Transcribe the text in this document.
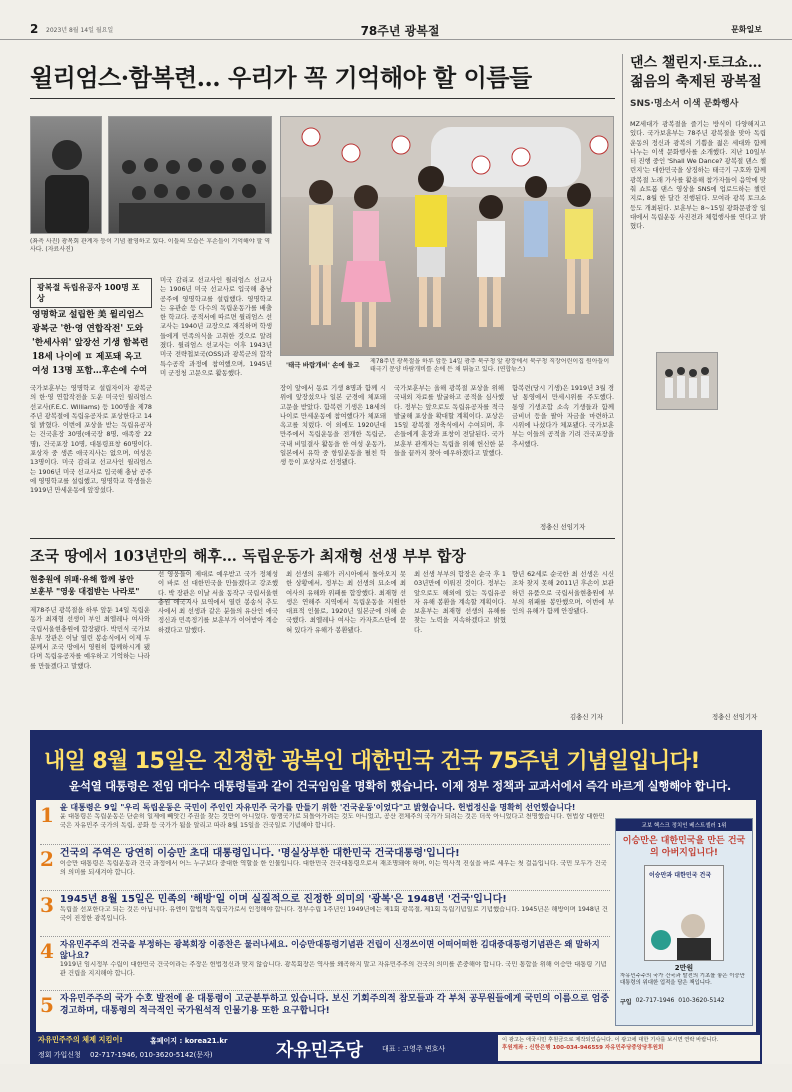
2 2023년 8월 14일 월요일	78주년 광복절	문화일보
윌리엄스·함복련… 우리가 꼭 기억해야 할 이름들
(좌측 사진) 광복회 관계자 등이 기념 촬영하고 있다. 이들의 모습은 후손들이 기억해야 할 역사다. (자료사진)
광복절 독립유공자 100명 포상
영명학교 설립한 美 윌리엄스
광복군 '한·영 연합작전' 도와
'한세사위' 앞장선 기생 함복련
18세 나이에 ㅍ 제포돼 옥고
여성 13명 포함…후손에 수여
국가보훈부는 영명학교 설립자이자 광복군의 한·영 연합작전을 도운 미국인 윌리엄스 선교사(F.E.C. Williams) 등 100명을 제78주년 광복절에 독립유공자로 포상한다고 14일 밝혔다. 이번에 포상을 받는 독립유공자는 건국훈장 30명(애국장 8명, 애족장 22명), 건국포장 10명, 대통령표창 60명이다. 포상자 중 생존 애국지사는 없으며, 여성은 13명이다. 미국 감리교 선교사인 윌리엄스는 1906년 미국 선교사로 입국해 충남 공주에 영명학교를 설립했고, 영명학교 학생들은 1919년 만세운동에 앞장섰다.
미국 감리교 선교사인 윌리엄스 선교사는 1906년 미국 선교사로 입국해 충남 공주에 영명학교를 설립했다. 영명학교는 유관순 등 다수의 독립운동가를 배출한 학교다. 공적서에 따르면 윌리엄스 선교사는 1940년 교장으로 재직하며 학생들에게 민족의식을 고취한 것으로 알려졌다. 윌리엄스 선교사는 이후 1943년 미국 전략첩보국(OSS)과 광복군의 합작 특수공작 과정에 참여했으며, 1945년 미 군정청 고문으로 활동했다.
'태극 바람개비' 손에 들고 제78주년 광복절을 하루 앞둔 14일 광주 북구청 앞 광장에서 북구청 직장어린이집 원아들이 태극기 문양 바람개비를 손에 든 채 뛰놀고 있다. (연합뉴스)
장이 앞에서 동료 기생 8명과 함께 시위에 앞장섰으나 일본 군경에 체포돼 고문을 받았다. 함복련 기생은 18세의 나이로 만세운동에 참여했다가 체포돼 옥고를 치렀다. 이 외에도 1920년대 만주에서 독립운동을 전개한 독립군, 국내 비밀결사 활동을 한 여성 운동가, 일본에서 유학 중 항일운동을 펼친 학생 등이 포상자로 선정됐다.
국가보훈부는 올해 광복절 포상을 위해 국내외 자료를 발굴하고 공적을 심사했다. 정부는 앞으로도 독립유공자를 적극 발굴해 포상을 확대할 계획이다. 포상은 15일 광복절 경축식에서 수여되며, 후손들에게 훈장과 표창이 전달된다. 국가보훈부 관계자는 독립을 위해 헌신한 분들을 끝까지 찾아 예우하겠다고 말했다.
함복련(당시 기생)은 1919년 3월 경남 통영에서 만세시위를 주도했다. 통영 기생조합 소속 기생들과 함께 금비녀 등을 팔아 자금을 마련하고 시위에 나섰다가 체포됐다. 국가보훈부는 이들의 공적을 기려 건국포장을 추서했다.
정충신 선임기자
댄스 챌린지·토크쇼… 젊음의 축제된 광복절
SNS·명소서 이색 문화행사
MZ세대가 광복절을 즐기는 방식이 다양해지고 있다. 국가보훈부는 78주년 광복절을 맞아 독립운동의 정신과 광복의 기쁨을 젊은 세대와 함께 나누는 이색 문화행사를 소개했다. 지난 10일부터 진행 중인 'Shall We Dance? 광복절 댄스 챌린지'는 대한민국을 상징하는 태극기 구호와 함께 광복절 노래 가사를 활용해 참가자들이 음악에 맞춰 쇼트폼 댄스 영상을 SNS에 업로드하는 챌린지로, 8월 한 달간 진행된다. 모여라 광복 토크쇼 등도 개최된다. 보훈부는 8~15일 광화문광장 일대에서 독립운동 사진전과 체험행사를 연다고 밝혔다.
정충신 선임기자
조국 땅에서 103년만의 해후… 독립운동가 최재형 선생 부부 합장
현충원에 위패·유해 합께 봉안
보훈부 "영웅 대접받는 나라로"
제78주년 광복절을 하루 앞둔 14일 독립운동가 최재형 선생이 부인 최엘레나 여사와 국립서울현충원에 합장됐다. 박민식 국가보훈부 장관은 이날 열린 봉송식에서 이제 두 분께서 조국 땅에서 영원히 함께하시게 됐다며 독립유공자를 예우하고 기억하는 나라를 만들겠다고 말했다.
선 영웅들이 제대로 예우받고 국가 정체성이 바로 선 대한민국을 만들겠다고 강조했다. 박 장관은 이날 서울 동작구 국립서울현충원 애국지사 묘역에서 열린 봉송식 추도사에서 최 선생과 같은 분들의 유산인 애국정신과 민족정기를 보훈부가 이어받아 계승하겠다고 말했다.
최 선생의 유해가 러시아에서 돌아오지 못한 상황에서, 정부는 최 선생의 묘소에 최 여사의 유해와 위패를 합장했다. 최재형 선생은 연해주 지역에서 독립운동을 지원한 대표적 인물로, 1920년 일본군에 의해 순국했다. 최엘레나 여사는 카자흐스탄에 묻혀 있다가 유해가 봉환됐다.
최 선생 부부의 합장은 순국 후 103년만에 이뤄진 것이다. 정부는 앞으로도 해외에 있는 독립유공자 유해 봉환을 계속할 계획이다. 보훈부는 최재형 선생의 유해를 찾는 노력을 지속하겠다고 밝혔다.
향년 62세로 순국한 최 선생은 시신조차 찾지 못해 2011년 후손이 보관하던 유품으로 국립서울현충원에 부부의 위패를 봉안했으며, 이번에 부인의 유해가 함께 안장됐다.
김충신 기자
내일 8월 15일은 진정한 광복인 대한민국 건국 75주년 기념일입니다!
윤석열 대통령은 전임 대다수 대통령들과 같이 건국임임을 명확히 했습니다. 이제 정부 정책과 교과서에서 즉각 바르게 실행해야 합니다.
1 윤 대통령은 9일 "우리 독립운동은 국민이 주인인 자유민주 국가를 만들기 위한 '건국운동'이었다"고 밝혔습니다. 헌법정신을 명확히 선언했습니다!
윤 대통령은 독립운동은 단순히 일제에 빼앗긴 주권을 찾는 것만이 아니었다. 항쟁국가로 되돌아가려는 것도 아니었고, 공산 전체주의 국가가 되려는 것은 더욱 아니었다고 천명했습니다. 헌법상 대한민국은 자유민주 국가의 독립, 공화 등 국가가 됨을 알리고 따라 8월 15일을 건국일로 기념해야 합니다.
2 건국의 주역은 당연히 이승만 초대 대통령입니다. '명실상부한 대한민국 건국대통령'입니다!
이승만 대통령은 독립운동과 건국 과정에서 어느 누구보다 중대한 역할을 한 인물입니다. 대한민국 건국대통령으로서 재조명돼야 하며, 이는 역사적 진실을 바로 세우는 첫 걸음입니다. 국민 모두가 건국의 의미를 되새겨야 합니다.
3 1945년 8월 15일은 민족의 '해방'일 이며 실질적으로 진정한 의미의 '광복'은 1948년 '건국'입니다!
독립을 선포한다고 되는 것은 아닙니다. 유엔이 합법적 독립국가로서 인정해야 합니다. 정부수립 1주년인 1949년에는 제1회 광복절, 제1회 독립기념일로 기념했습니다. 1945년은 해방이며 1948년 건국이 진정한 광복입니다.
4 자유민주주의 건국을 부정하는 광복회장 이종찬은 물러나세요. 이승만대통령기념관 건립이 신경쓰이면 어떠어떠한 김대중대통령기념관은 왜 말하지 않나요?
1919년 임시정부 수립이 대한민국 건국이라는 주장은 헌법정신과 맞지 않습니다. 광복회장은 역사를 왜곡하지 말고 자유민주주의 건국의 의미를 존중해야 합니다. 국민 통합을 위해 이승만 대통령 기념관 건립을 지지해야 합니다.
5 자유민주주의 국가 수호 발전에 윤 대통령이 고군분투하고 있습니다. 보신 기회주의적 참모들과 각 부처 공무원들에게 국민의 이름으로 엄중 경고하며, 대통령의 적극적인 국가원석적 인물기용 또한 요구합니다!
교보 핵스크 정치인 베스트셀러 1위
이승만은 대한민국을 만든 건국의 아버지입니다!
이승만과 대한민국 건국
2만원
자유민주주의 국가 건국과 발전의 기초를 놓은 이승만 대통령의 위대한 업적을 담은 책입니다.
구입 02-717-1946 010-3620-5142
자유민주주의 체제 지킴이!	홈페이지 : korea21.kr
정회 가입신청 02-717-1946, 010-3620-5142(문자)	자유민주당	대표 : 고영주 변호사
이 광고는 애국시민 후원금으로 제작되었습니다. 이 광고에 대한 기사를 보시면 연락 바랍니다.
후원계좌 : 신한은행 100-034-946559 자유민주당중앙당후원회
